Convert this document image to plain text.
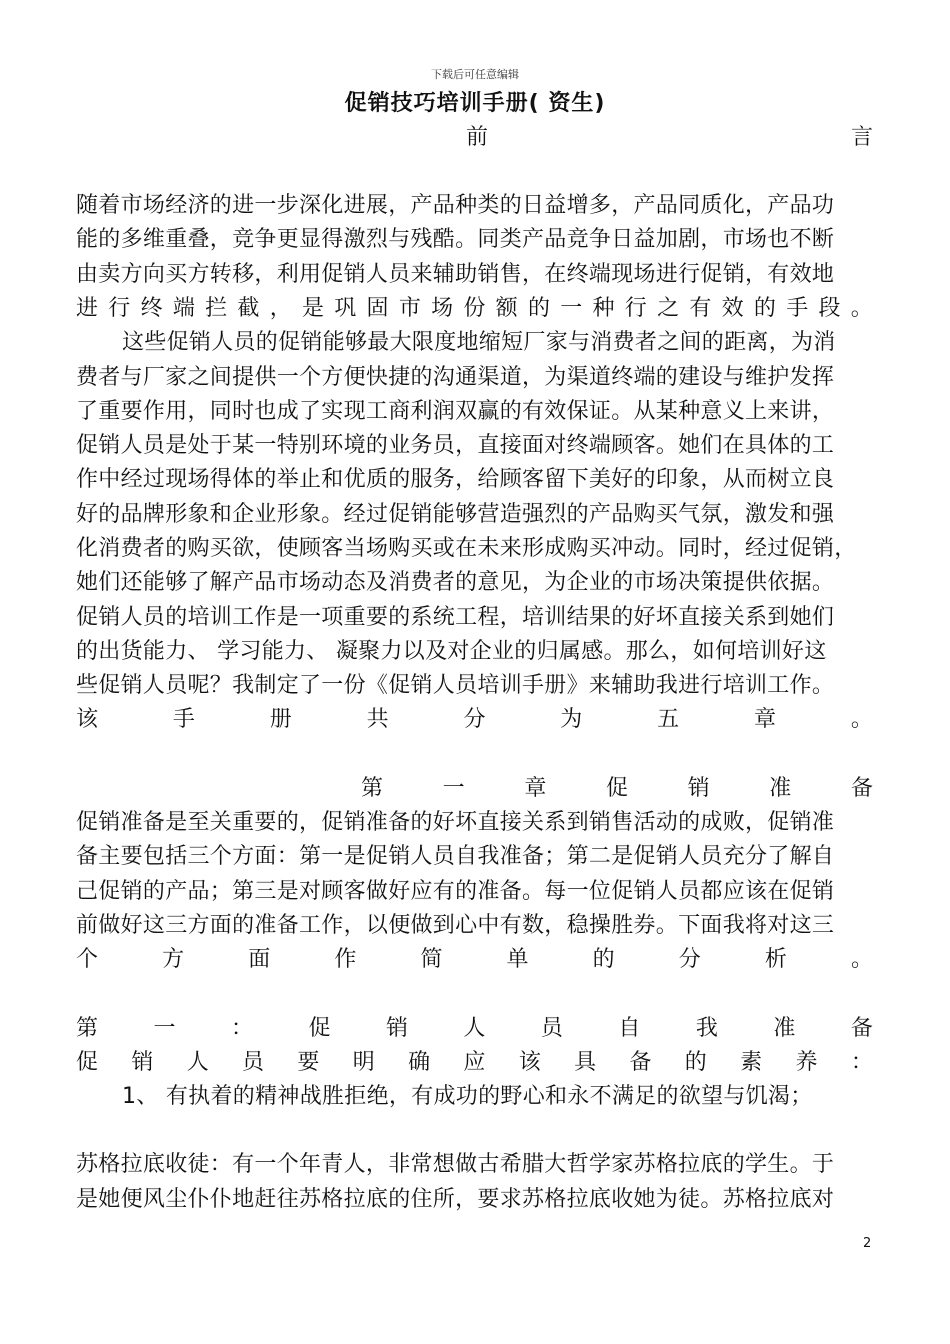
下载后可任意编辑
促销技巧培训手册( 资生)
前	言
随着市场经济的进一步深化进展，产品种类的日益增多，产品同质化，产品功
能的多维重叠，竞争更显得激烈与残酷。同类产品竞争日益加剧，市场也不断
由卖方向买方转移，利用促销人员来辅助销售，在终端现场进行促销，有效地
进 行 终 端 拦 截 ， 是 巩 固 市 场 份 额 的 一 种 行 之 有 效 的 手 段 。
这些促销人员的促销能够最大限度地缩短厂家与消费者之间的距离，为消
费者与厂家之间提供一个方便快捷的沟通渠道，为渠道终端的建设与维护发挥
了重要作用，同时也成了实现工商利润双赢的有效保证。从某种意义上来讲，
促销人员是处于某一特别环境的业务员，直接面对终端顾客。她们在具体的工
作中经过现场得体的举止和优质的服务，给顾客留下美好的印象，从而树立良
好的品牌形象和企业形象。经过促销能够营造强烈的产品购买气氛，激发和强
化消费者的购买欲，使顾客当场购买或在未来形成购买冲动。同时，经过促销，
她们还能够了解产品市场动态及消费者的意见，为企业的市场决策提供依据。
促销人员的培训工作是一项重要的系统工程，培训结果的好坏直接关系到她们
的出货能力、 学习能力、 凝聚力以及对企业的归属感。那么，如何培训好这
些促销人员呢？我制定了一份《促销人员培训手册》来辅助我进行培训工作。
该	手	册	共	分	为	五	章	。
第	一	章	促	销	准	备
促销准备是至关重要的，促销准备的好坏直接关系到销售活动的成败，促销准
备主要包括三个方面：第一是促销人员自我准备；第二是促销人员充分了解自
己促销的产品；第三是对顾客做好应有的准备。每一位促销人员都应该在促销
前做好这三方面的准备工作，以便做到心中有数，稳操胜券。下面我将对这三
个	方	面	作	简	单	的	分	析	。
第	一	：	促	销	人	员	自	我	准	备
促 销 人 员 要 明 确 应 该 具 备 的 素 养 ：
1、 有执着的精神战胜拒绝，有成功的野心和永不满足的欲望与饥渴；
苏格拉底收徒：有一个年青人，非常想做古希腊大哲学家苏格拉底的学生。于
是她便风尘仆仆地赶往苏格拉底的住所，要求苏格拉底收她为徒。苏格拉底对
2
